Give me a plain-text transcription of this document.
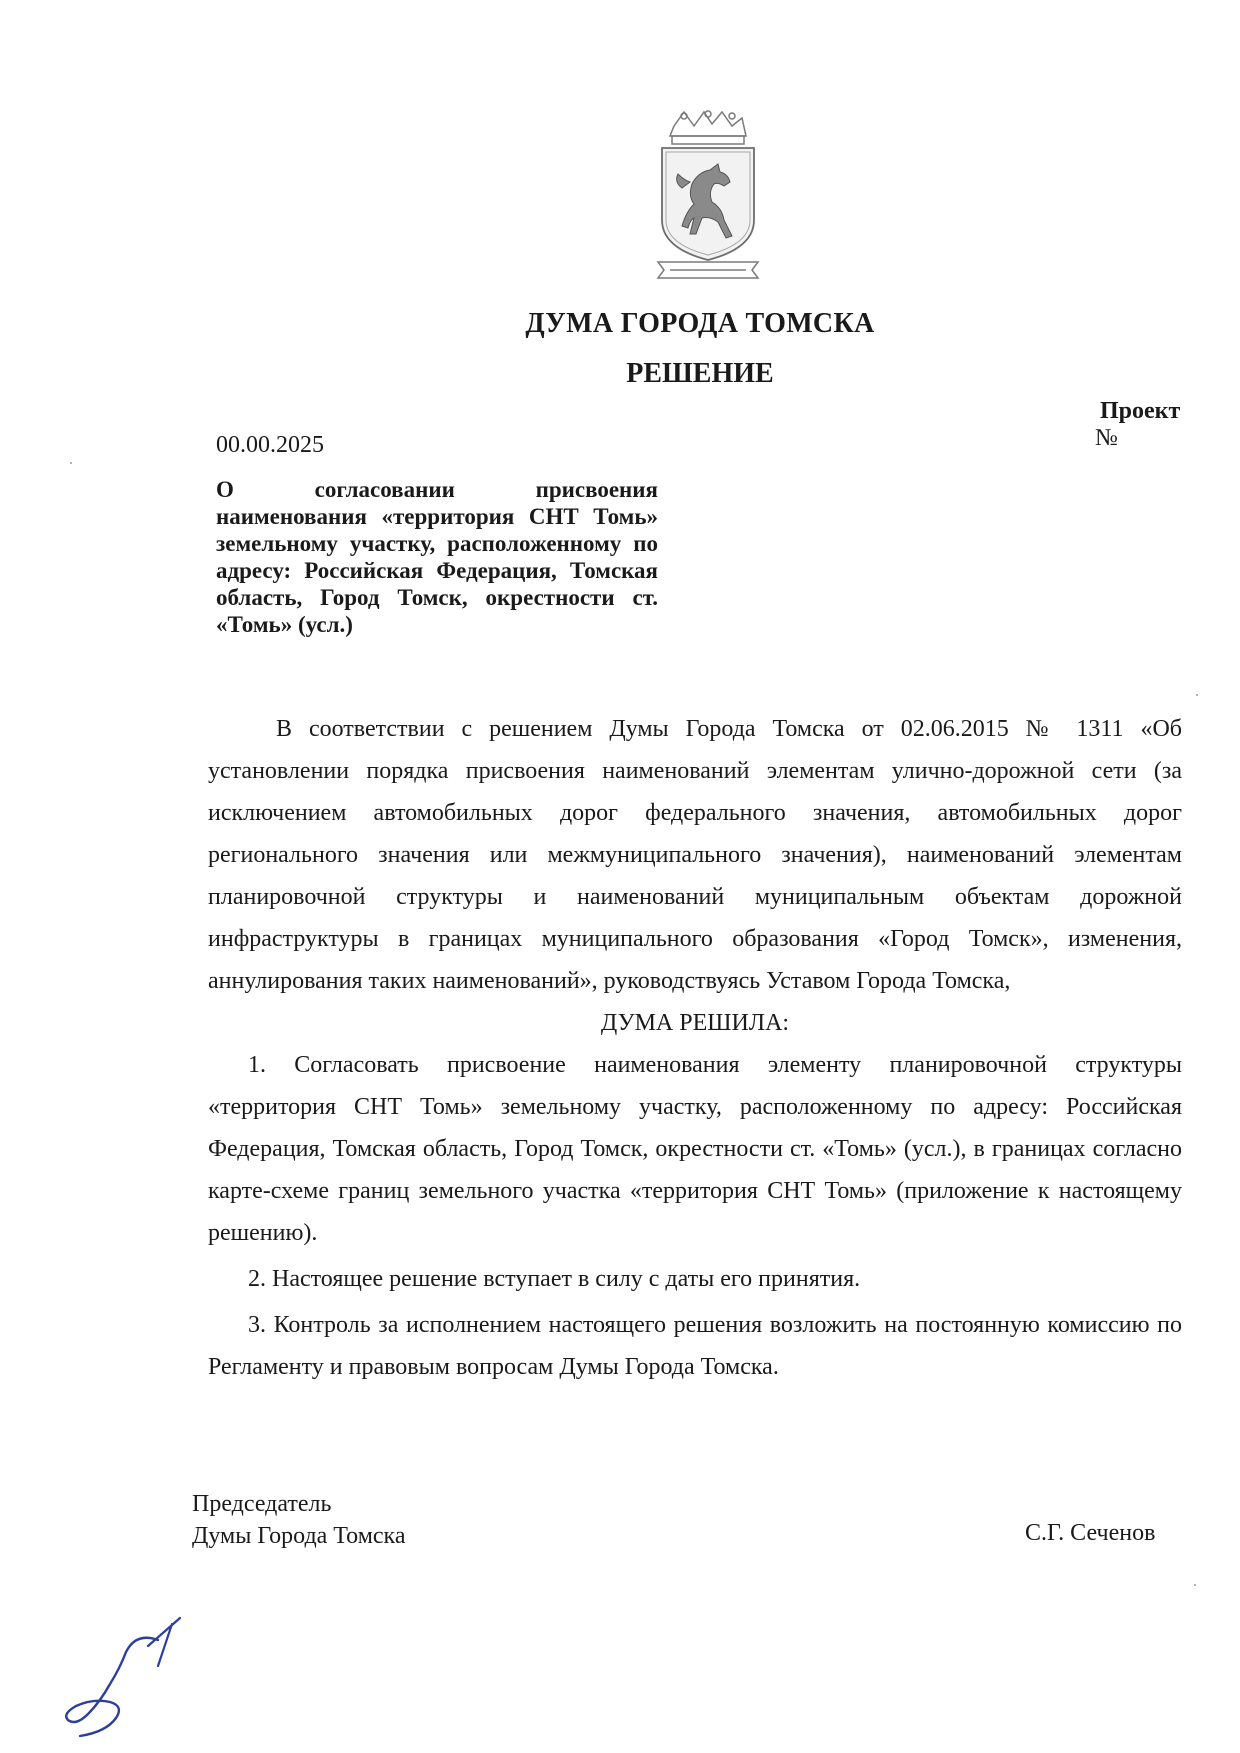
ДУМА ГОРОДА ТОМСКА
РЕШЕНИЕ
Проект
№
00.00.2025
О согласовании присвоения наименования «территория СНТ Томь» земельному участку, расположенному по адресу: Российская Федерация, Томская область, Город Томск, окрестности ст. «Томь» (усл.)

В соответствии с решением Думы Города Томска от 02.06.2015 № 1311 «Об установлении порядка присвоения наименований элементам улично-дорожной сети (за исключением автомобильных дорог федерального значения, автомобильных дорог регионального значения или межмуниципального значения), наименований элементам планировочной структуры и наименований муниципальным объектам дорожной инфраструктуры в границах муниципального образования «Город Томск», изменения, аннулирования таких наименований», руководствуясь Уставом Города Томска,

ДУМА РЕШИЛА:

1. Согласовать присвоение наименования элементу планировочной структуры «территория СНТ Томь» земельному участку, расположенному по адресу: Российская Федерация, Томская область, Город Томск, окрестности ст. «Томь» (усл.), в границах согласно карте-схеме границ земельного участка «территория СНТ Томь» (приложение к настоящему решению).

2. Настоящее решение вступает в силу с даты его принятия.

3. Контроль за исполнением настоящего решения возложить на постоянную комиссию по Регламенту и правовым вопросам Думы Города Томска.

Председатель
Думы Города Томска	С.Г. Сеченов
